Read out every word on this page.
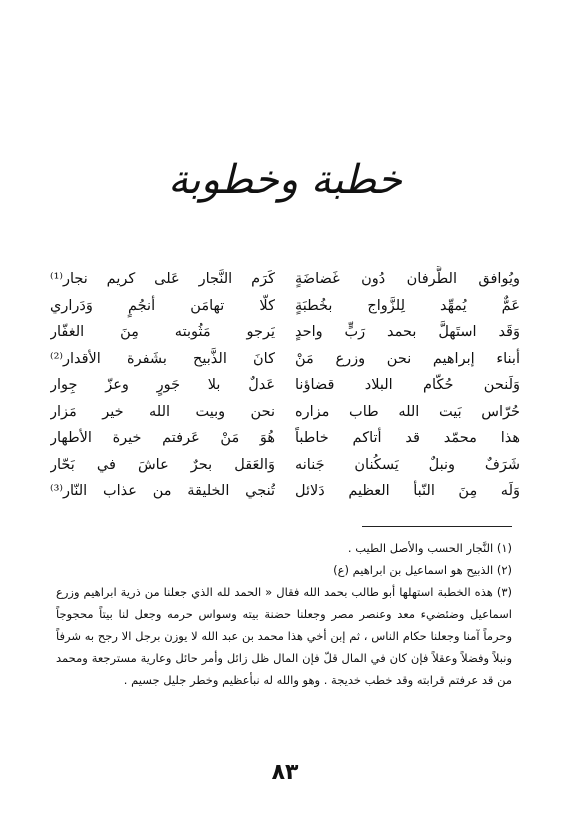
خطبة وخطوبة
ويُوافق الطَّرفان دُون غَضاضَةٍ
عَمٌّ يُمهِّد لِلزَّواج بخُطبَةٍ
وَقَد استَهلَّ بحمد رَبٍّ واحدٍ
أبناء إبراهيم نحن وزرع مَنْ
وَلَنحن حُكّام البلاد قضاؤنا
حُرّاس بَيت الله طاب مزاره
هذا محمّد قد أتاكم خاطباً
شَرَفٌ ونبلٌ يَسكُنان جَنانه
وَلَه مِنَ النّبأ العظيم دَلائل
كَرَم النَّجار عَلى كريم نجار⁽¹⁾
كلّا تهامَن أنجُمٍ وَدَراري
يَرجو مَثُوبته مِنَ الغفّار
كانَ الذَّبيح بشَفرة الأقدار⁽²⁾
عَدلٌ بلا جَورٍ وعزّ جِوار
نحن وبيت الله خير مَزار
هُوَ مَنْ عَرفتم خيرة الأطهار
وَالعَقل بحرٌ عاشَ في بَحّار
تُنجي الخليقة من عذاب النّار⁽³⁾

(١) النَّجار الحسب والأصل الطيب .

(٢) الذبيح هو اسماعيل بن ابراهيم (ع)

(٣) هذه الخطبة استهلها أبو طالب بحمد الله فقال « الحمد لله الذي جعلنا من ذرية ابراهيم وزرع اسماعيل وضئضيء معد وعنصر مصر وجعلنا حضنة بيته وسواس حرمه وجعل لنا بيتاً محجوجاً وحرماً آمنا وجعلنا حكام الناس ، ثم إبن أخي هذا محمد بن عبد الله لا يوزن برجل الا رجح به شرفاً ونبلاً وفضلاً وعقلاً فإن كان في المال قلّ فإن المال ظل زائل وأمر حائل وعارية مسترجعة ومحمد من قد عرفتم قرابته وقد خطب خديجة . وهو والله له نبأعظيم وخطر جليل جسيم .

٨٣
